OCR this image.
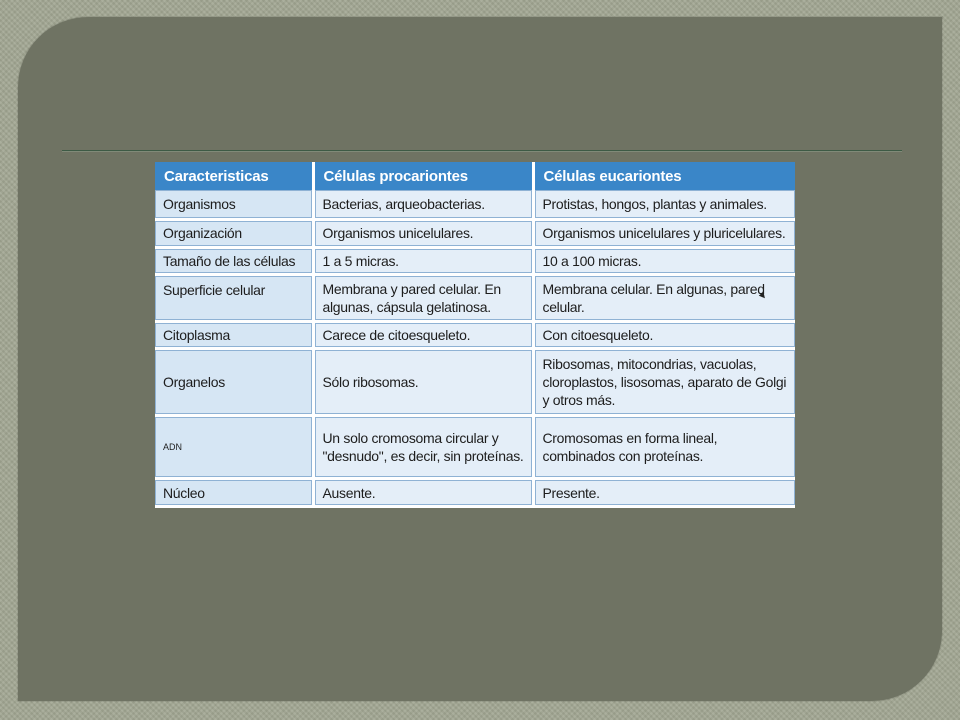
Caracteristicas	Células procariontes	Células eucariontes
Organismos	Bacterias, arqueobacterias.	Protistas, hongos, plantas y animales.
Organización	Organismos unicelulares.	Organismos unicelulares y pluricelulares.
Tamaño de las células	1 a 5 micras.	10 a 100 micras.
Superficie celular	Membrana y pared celular. En algunas, cápsula gelatinosa.	Membrana celular. En algunas, pared celular.
Citoplasma	Carece de citoesqueleto.	Con citoesqueleto.
Organelos	Sólo ribosomas.	Ribosomas, mitocondrias, vacuolas, cloroplastos, lisosomas, aparato de Golgi y otros más.
ADN	Un solo cromosoma circular y "desnudo", es decir, sin proteínas.	Cromosomas en forma lineal, combinados con proteínas.
Núcleo	Ausente.	Presente.
